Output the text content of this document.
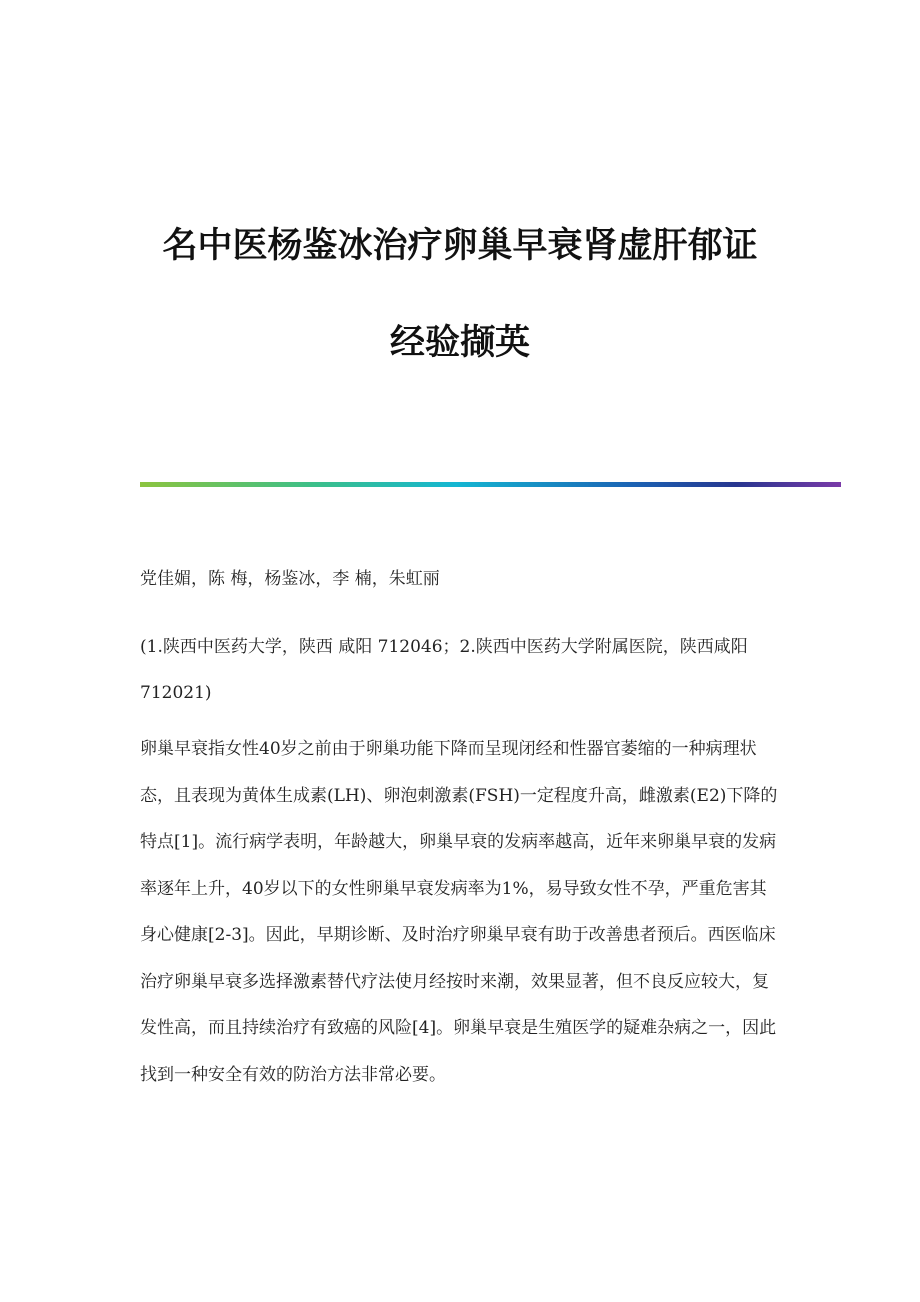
名中医杨鉴冰治疗卵巢早衰肾虚肝郁证
经验撷英
党佳媚，陈 梅，杨鉴冰，李 楠，朱虹丽
(1.陕西中医药大学，陕西 咸阳 712046；2.陕西中医药大学附属医院，陕西咸阳 712021)
卵巢早衰指女性40岁之前由于卵巢功能下降而呈现闭经和性器官萎缩的一种病理状态，且表现为黄体生成素(LH)、卵泡刺激素(FSH)一定程度升高，雌激素(E2)下降的特点[1]。流行病学表明，年龄越大，卵巢早衰的发病率越高，近年来卵巢早衰的发病率逐年上升，40岁以下的女性卵巢早衰发病率为1%，易导致女性不孕，严重危害其身心健康[2-3]。因此，早期诊断、及时治疗卵巢早衰有助于改善患者预后。西医临床治疗卵巢早衰多选择激素替代疗法使月经按时来潮，效果显著，但不良反应较大，复发性高，而且持续治疗有致癌的风险[4]。卵巢早衰是生殖医学的疑难杂病之一，因此找到一种安全有效的防治方法非常必要。
